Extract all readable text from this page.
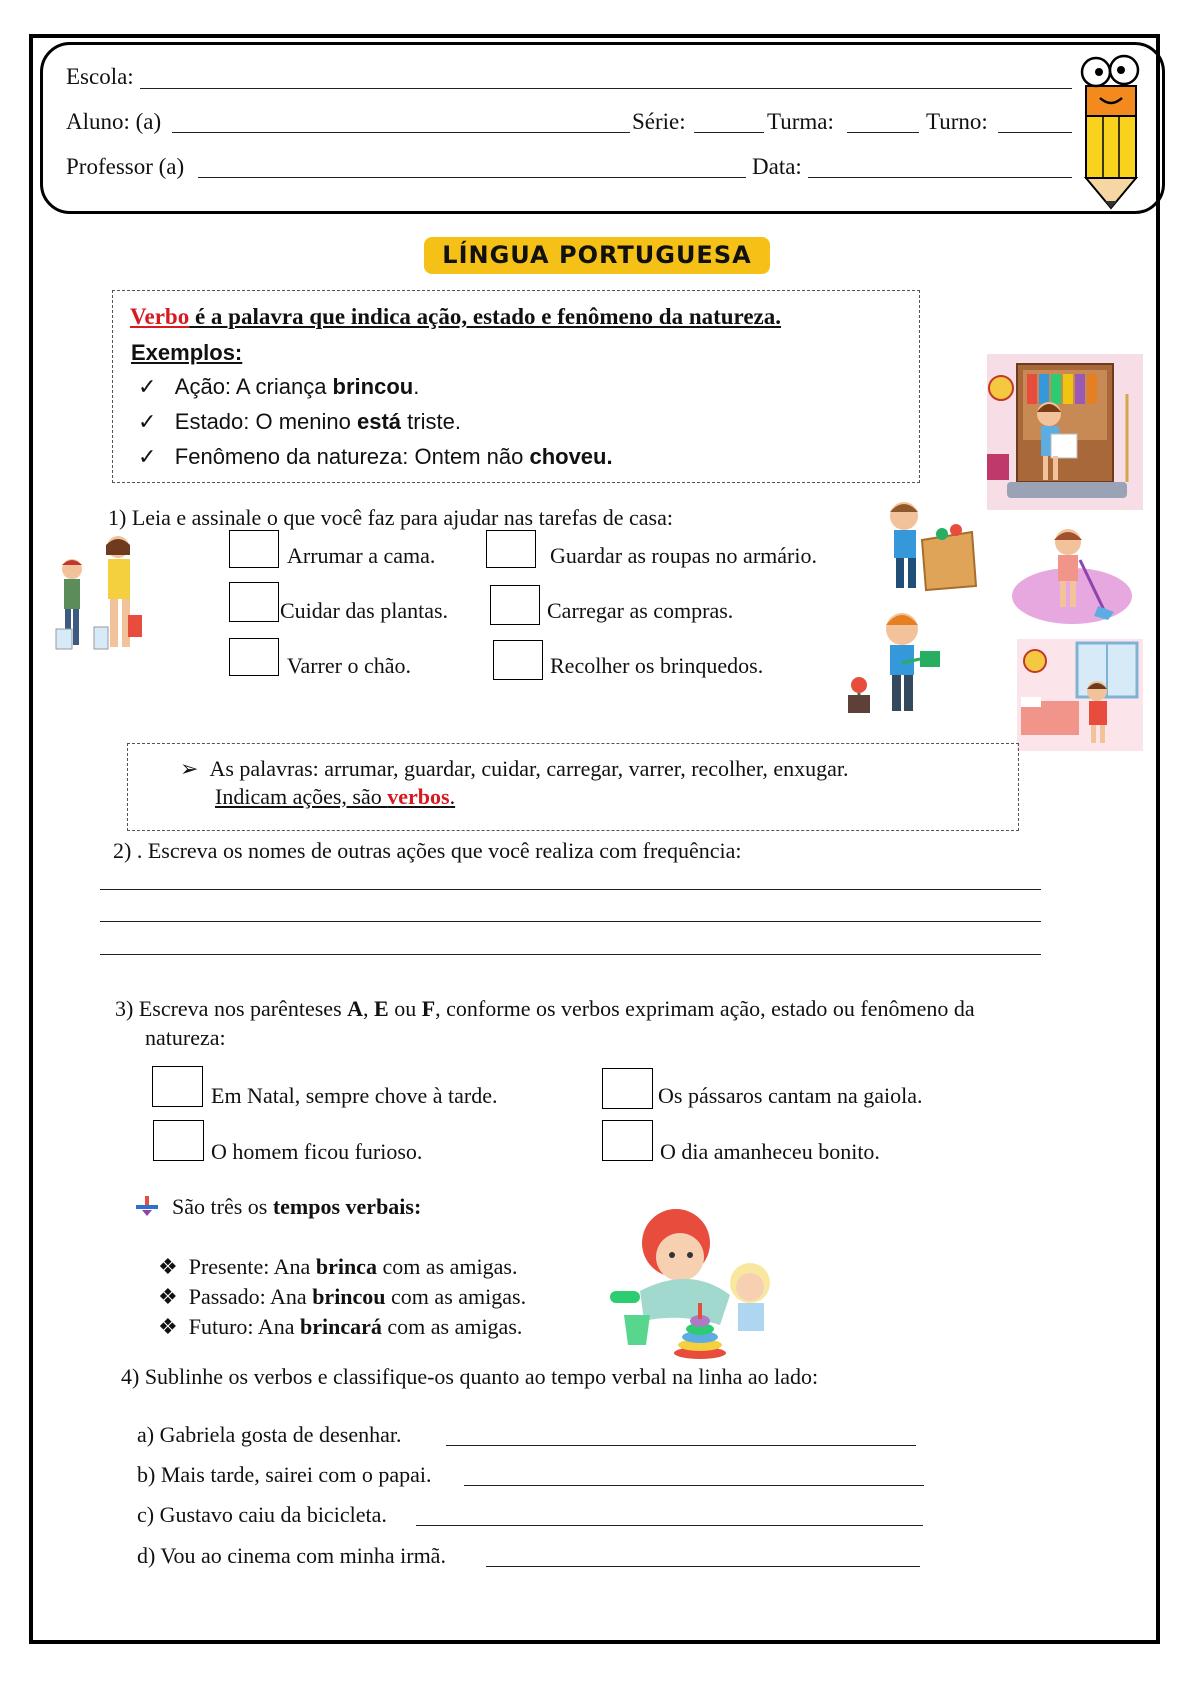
Escola:
Aluno: (a)	Série:	Turma:	Turno:
Professor (a)	Data:
LÍNGUA PORTUGUESA
Verbo é a palavra que indica ação, estado e fenômeno da natureza.
Exemplos:
✓ Ação: A criança brincou.
✓ Estado: O menino está triste.
✓ Fenômeno da natureza: Ontem não choveu.
1) Leia e assinale o que você faz para ajudar nas tarefas de casa:
Arrumar a cama.	Guardar as roupas no armário.
Cuidar das plantas.	Carregar as compras.
Varrer o chão.	Recolher os brinquedos.
➢ As palavras: arrumar, guardar, cuidar, carregar, varrer, recolher, enxugar.
Indicam ações, são verbos.
2) . Escreva os nomes de outras ações que você realiza com frequência:
3) Escreva nos parênteses A, E ou F, conforme os verbos exprimam ação, estado ou fenômeno da
natureza:
Em Natal, sempre chove à tarde.	Os pássaros cantam na gaiola.
O homem ficou furioso.	O dia amanheceu bonito.
São três os tempos verbais:
❖ Presente: Ana brinca com as amigas.
❖ Passado: Ana brincou com as amigas.
❖ Futuro: Ana brincará com as amigas.
4) Sublinhe os verbos e classifique-os quanto ao tempo verbal na linha ao lado:
a) Gabriela gosta de desenhar.
b) Mais tarde, sairei com o papai.
c) Gustavo caiu da bicicleta.
d) Vou ao cinema com minha irmã.
